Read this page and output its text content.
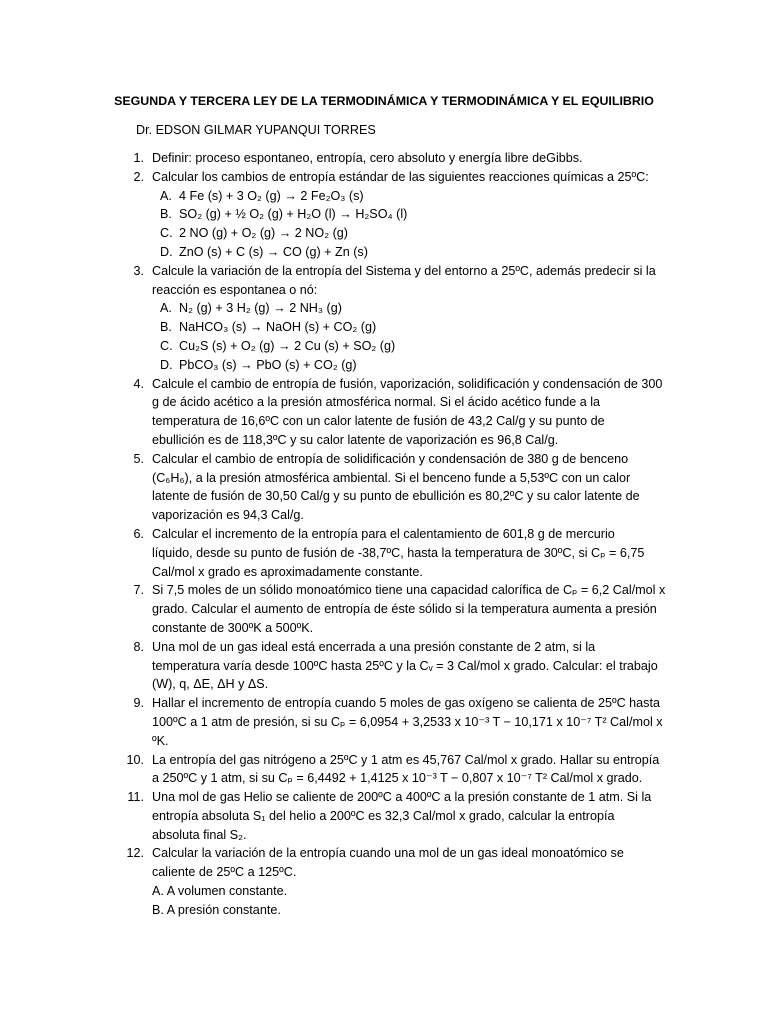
SEGUNDA Y TERCERA LEY DE LA TERMODINÁMICA Y TERMODINÁMICA Y EL EQUILIBRIO
Dr. EDSON GILMAR YUPANQUI TORRES
1. Definir: proceso espontaneo, entropía, cero absoluto y energía libre deGibbs.
2. Calcular los cambios de entropía estándar de las siguientes reacciones químicas a 25ºC:
A. 4 Fe (s) + 3 O₂ (g) → 2 Fe₂O₃ (s)
B. SO₂ (g) + ½ O₂ (g) + H₂O (l) → H₂SO₄ (l)
C. 2 NO (g) + O₂ (g) → 2 NO₂ (g)
D. ZnO (s) + C (s) → CO (g) + Zn (s)
3. Calcule la variación de la entropía del Sistema y del entorno a 25ºC, además predecir si la
reacción es espontanea o nó:
A. N₂ (g) + 3 H₂ (g) → 2 NH₃ (g)
B. NaHCO₃ (s) → NaOH (s) + CO₂ (g)
C. Cu₂S (s) + O₂ (g) → 2 Cu (s) + SO₂ (g)
D. PbCO₃ (s) → PbO (s) + CO₂ (g)
4. Calcule el cambio de entropía de fusión, vaporización, solidificación y condensación de 300
g de ácido acético a la presión atmosférica normal. Si el ácido acético funde a la
temperatura de 16,6ºC con un calor latente de fusión de 43,2 Cal/g y su punto de
ebullición es de 118,3ºC y su calor latente de vaporización es 96,8 Cal/g.
5. Calcular el cambio de entropía de solidificación y condensación de 380 g de benceno
(C₆H₆), a la presión atmosférica ambiental. Si el benceno funde a 5,53ºC con un calor
latente de fusión de 30,50 Cal/g y su punto de ebullición es 80,2ºC y su calor latente de
vaporización es 94,3 Cal/g.
6. Calcular el incremento de la entropía para el calentamiento de 601,8 g de mercurio
líquido, desde su punto de fusión de -38,7ºC, hasta la temperatura de 30ºC, si Cₚ = 6,75
Cal/mol x grado es aproximadamente constante.
7. Si 7,5 moles de un sólido monoatómico tiene una capacidad calorífica de Cₚ = 6,2 Cal/mol x
grado. Calcular el aumento de entropía de éste sólido si la temperatura aumenta a presión
constante de 300ºK a 500ºK.
8. Una mol de un gas ideal está encerrada a una presión constante de 2 atm, si la
temperatura varía desde 100ºC hasta 25ºC y la Cᵥ = 3 Cal/mol x grado. Calcular: el trabajo
(W), q, ΔE, ΔH y ΔS.
9. Hallar el incremento de entropía cuando 5 moles de gas oxígeno se calienta de 25ºC hasta
100ºC a 1 atm de presión, si su Cₚ = 6,0954 + 3,2533 x 10⁻³ T − 10,171 x 10⁻⁷ T² Cal/mol x ºK.
10. La entropía del gas nitrógeno a 25ºC y 1 atm es 45,767 Cal/mol x grado. Hallar su entropía
a 250ºC y 1 atm, si su Cₚ = 6,4492 + 1,4125 x 10⁻³ T − 0,807 x 10⁻⁷ T² Cal/mol x grado.
11. Una mol de gas Helio se caliente de 200ºC a 400ºC a la presión constante de 1 atm. Si la
entropía absoluta S₁ del helio a 200ºC es 32,3 Cal/mol x grado, calcular la entropía
absoluta final S₂.
12. Calcular la variación de la entropía cuando una mol de un gas ideal monoatómico se
caliente de 25ºC a 125ºC.
A. A volumen constante.
B. A presión constante.
